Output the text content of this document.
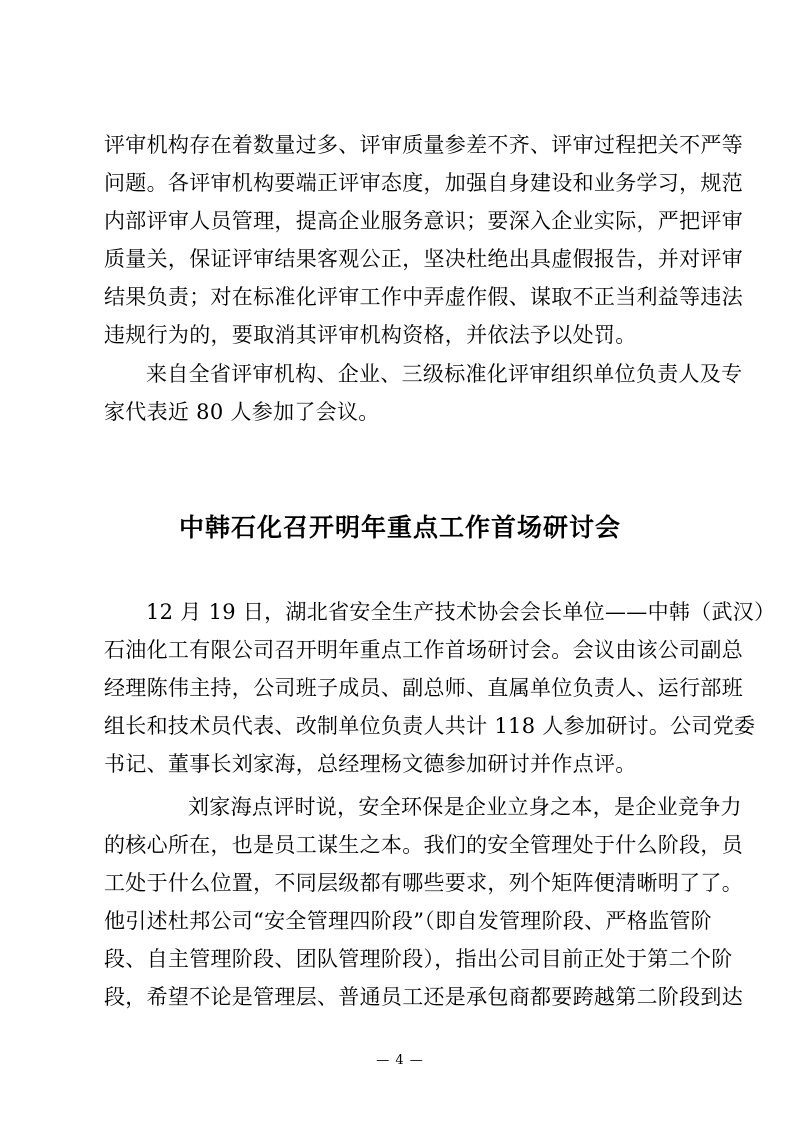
评审机构存在着数量过多、评审质量参差不齐、评审过程把关不严等
问题。各评审机构要端正评审态度，加强自身建设和业务学习，规范
内部评审人员管理，提高企业服务意识；要深入企业实际，严把评审
质量关，保证评审结果客观公正，坚决杜绝出具虚假报告，并对评审
结果负责；对在标准化评审工作中弄虚作假、谋取不正当利益等违法
违规行为的，要取消其评审机构资格，并依法予以处罚。
来自全省评审机构、企业、三级标准化评审组织单位负责人及专
家代表近 80 人参加了会议。
中韩石化召开明年重点工作首场研讨会
12 月 19 日，湖北省安全生产技术协会会长单位——中韩（武汉）
石油化工有限公司召开明年重点工作首场研讨会。会议由该公司副总
经理陈伟主持，公司班子成员、副总师、直属单位负责人、运行部班
组长和技术员代表、改制单位负责人共计 118 人参加研讨。公司党委
书记、董事长刘家海，总经理杨文德参加研讨并作点评。
刘家海点评时说，安全环保是企业立身之本，是企业竞争力
的核心所在，也是员工谋生之本。我们的安全管理处于什么阶段，员
工处于什么位置，不同层级都有哪些要求，列个矩阵便清晰明了了。
他引述杜邦公司“安全管理四阶段”（即自发管理阶段、严格监管阶
段、自主管理阶段、团队管理阶段），指出公司目前正处于第二个阶
段，希望不论是管理层、普通员工还是承包商都要跨越第二阶段到达
— 4 —
